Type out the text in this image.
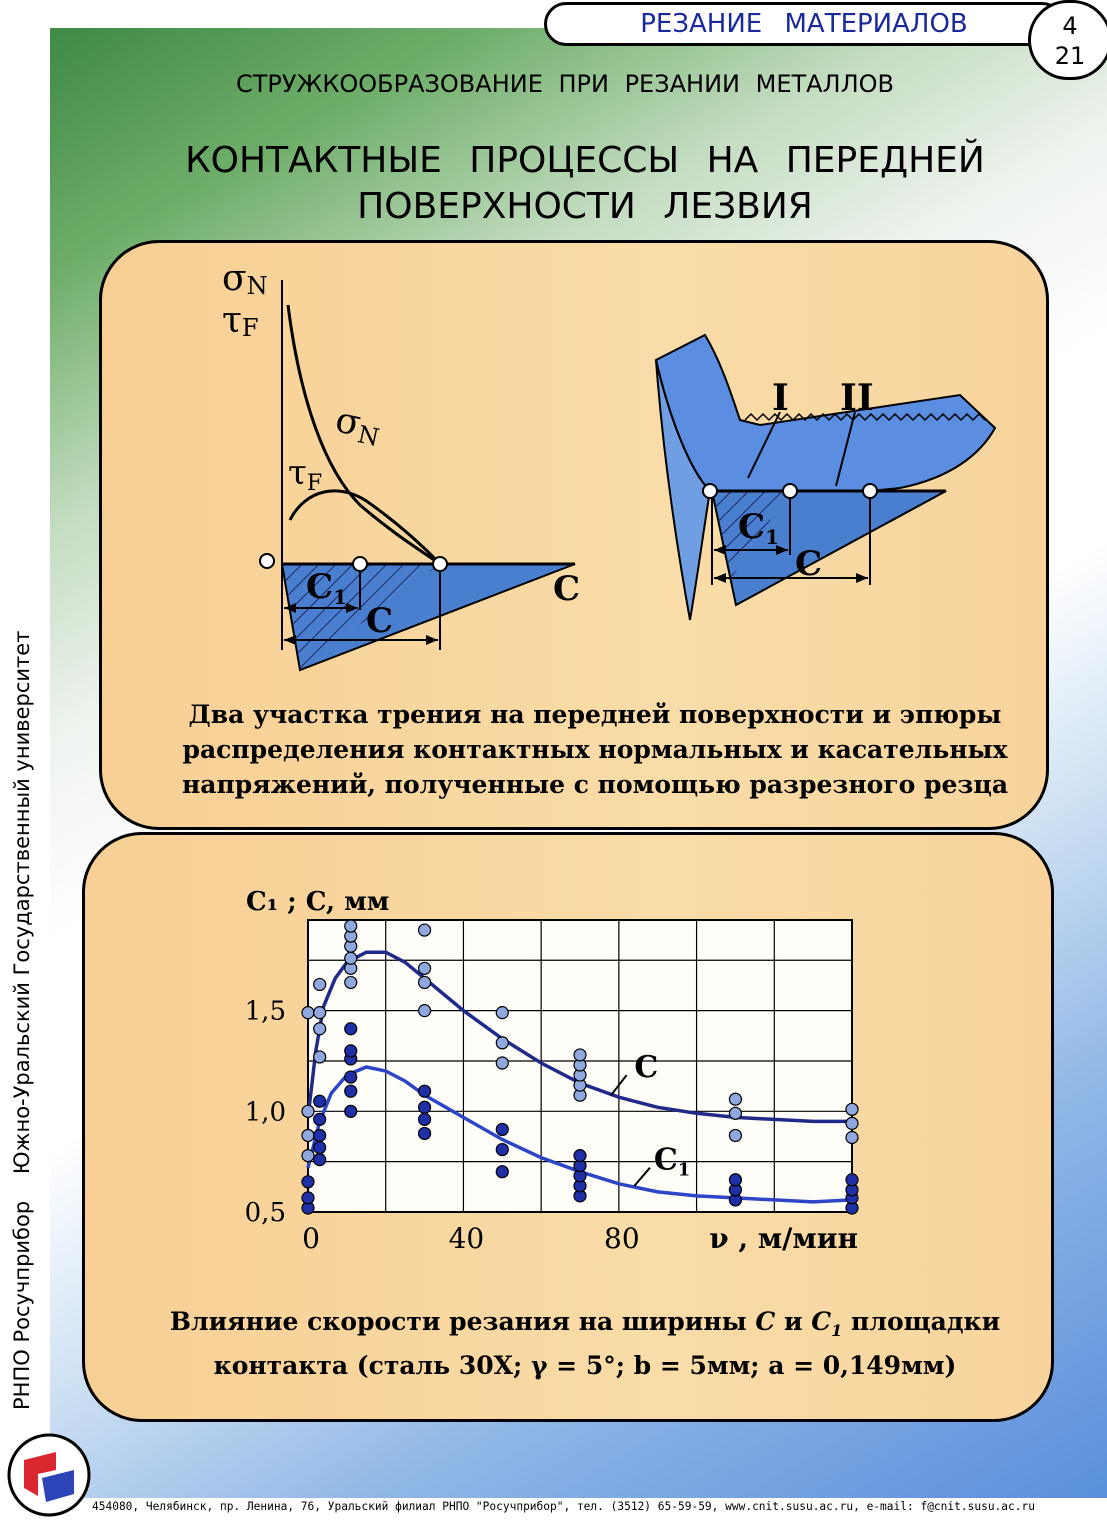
РЕЗАНИЕ МАТЕРИАЛОВ	4
21
СТРУЖКООБРАЗОВАНИЕ ПРИ РЕЗАНИИ МЕТАЛЛОВ
КОНТАКТНЫЕ ПРОЦЕССЫ НА ПЕРЕДНЕЙ
ПОВЕРХНОСТИ ЛЕЗВИЯ
σN
τF
σN
τF
C1
C
C
I II
C1
C
Два участка трения на передней поверхности и эпюры
распределения контактных нормальных и касательных
напряжений, полученные с помощью разрезного резца
0,5
1,0
1,5
0	40	80 ν , м/мин
C₁ ; C, мм
C
$C_1$
Влияние скорости резания на ширины C и $C_1$ площадки
контакта (сталь 30Х; γ = 5°; b = 5мм; a = 0,149мм)
РНПО Росучприбор    Южно-Уральский Государственный университет
454080, Челябинск, пр. Ленина, 76, Уральский филиал РНПО "Росучприбор", тел. (3512) 65-59-59, www.cnit.susu.ac.ru, e-mail: f@cnit.susu.ac.ru
